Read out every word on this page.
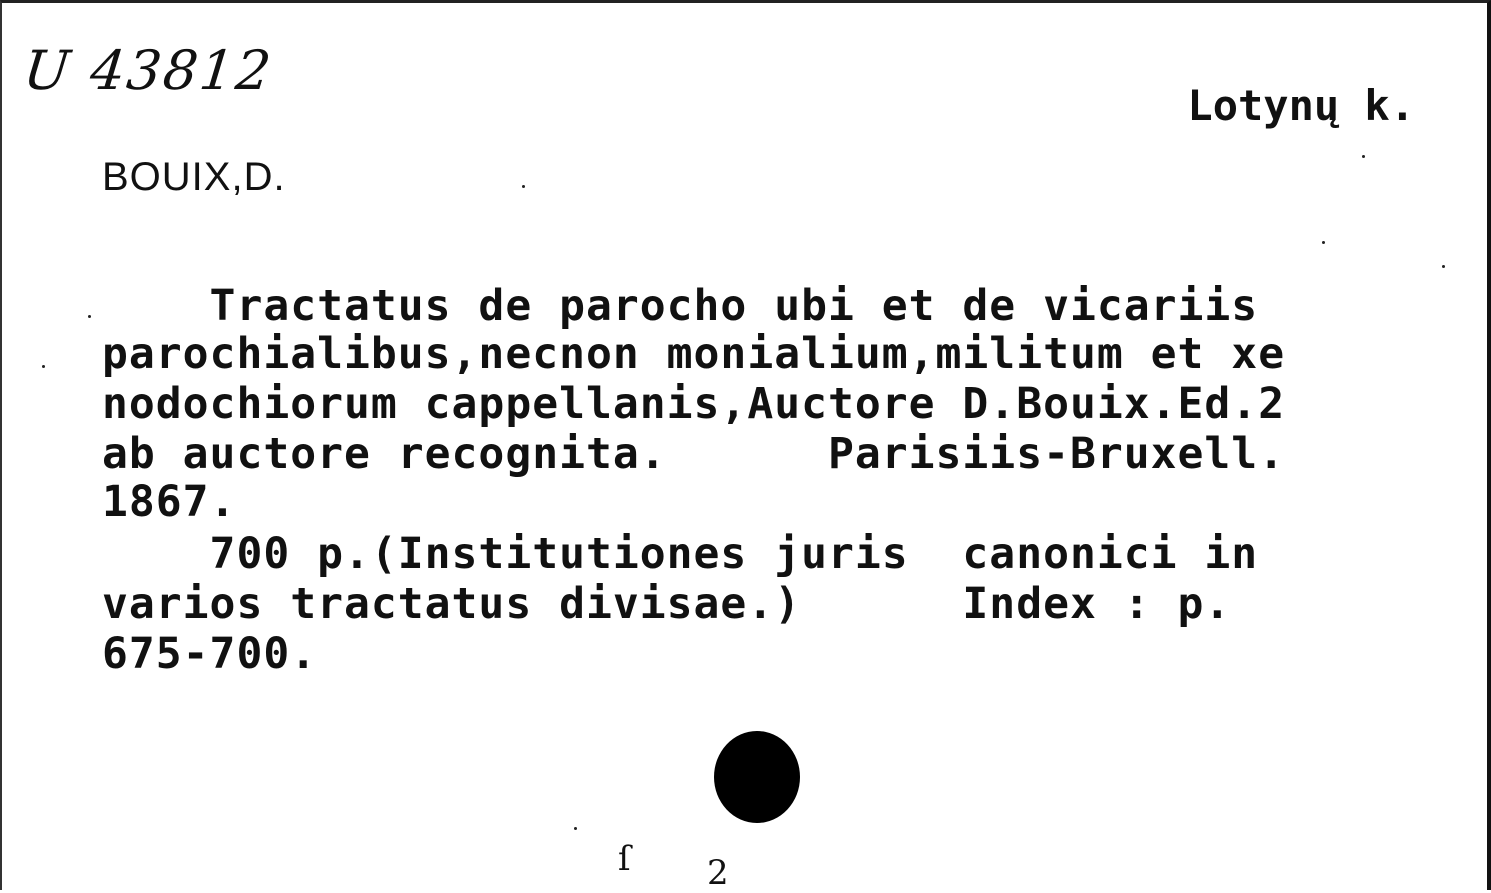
U 43812
Lotynų k.
BOUIX,D.
Tractatus de parocho ubi et de vicariis
parochialibus,necnon monialium,militum et xe
nodochiorum cappellanis,Auctore D.Bouix.Ed.2
ab auctore recognita.      Parisiis-Bruxell.
1867.
700 p.(Institutiones juris  canonici in
varios tractatus divisae.)      Index : p.
675-700.
ſ 2
